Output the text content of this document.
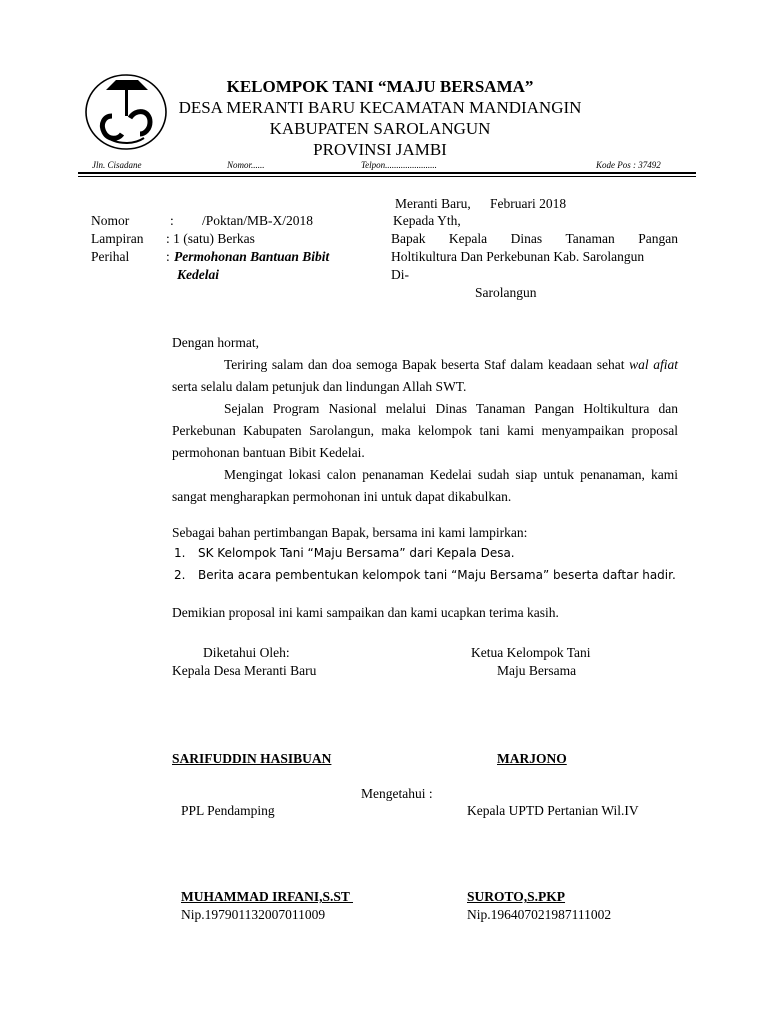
KELOMPOK TANI “MAJU BERSAMA”
DESA MERANTI BARU KECAMATAN MANDIANGIN
KABUPATEN SAROLANGUN
PROVINSI JAMBI
Jln. Cisadane	Nomor......	Telpon.......................	Kode Pos : 37492
Meranti Baru, Februari 2018
Nomor	: /Poktan/MB-X/2018
Lampiran : 1 (satu) Berkas
Perihal	: Permohonan Bantuan Bibit
Kedelai
Kepada Yth,
Bapak Kepala Dinas Tanaman Pangan
Holtikultura Dan Perkebunan Kab. Sarolangun
Di-
Sarolangun
Dengan hormat,

Teriring salam dan doa semoga Bapak beserta Staf dalam keadaan sehat wal afiat serta selalu dalam petunjuk dan lindungan Allah SWT.

Sejalan Program Nasional melalui Dinas Tanaman Pangan Holtikultura dan Perkebunan Kabupaten Sarolangun, maka kelompok tani kami menyampaikan proposal permohonan bantuan Bibit Kedelai.

Mengingat lokasi calon penanaman Kedelai sudah siap untuk penanaman, kami sangat mengharapkan permohonan ini untuk dapat dikabulkan.

Sebagai bahan pertimbangan Bapak, bersama ini kami lampirkan:
1. SK Kelompok Tani “Maju Bersama” dari Kepala Desa.
2. Berita acara pembentukan kelompok tani “Maju Bersama” beserta daftar hadir.
Demikian proposal ini kami sampaikan dan kami ucapkan terima kasih.
Diketahui Oleh:
Kepala Desa Meranti Baru
Ketua Kelompok Tani
Maju Bersama
SARIFUDDIN HASIBUAN	MARJONO
Mengetahui :
PPL Pendamping	Kepala UPTD Pertanian Wil.IV
MUHAMMAD IRFANI,S.ST
Nip.197901132007011009
SUROTO,S.PKP
Nip.196407021987111002
